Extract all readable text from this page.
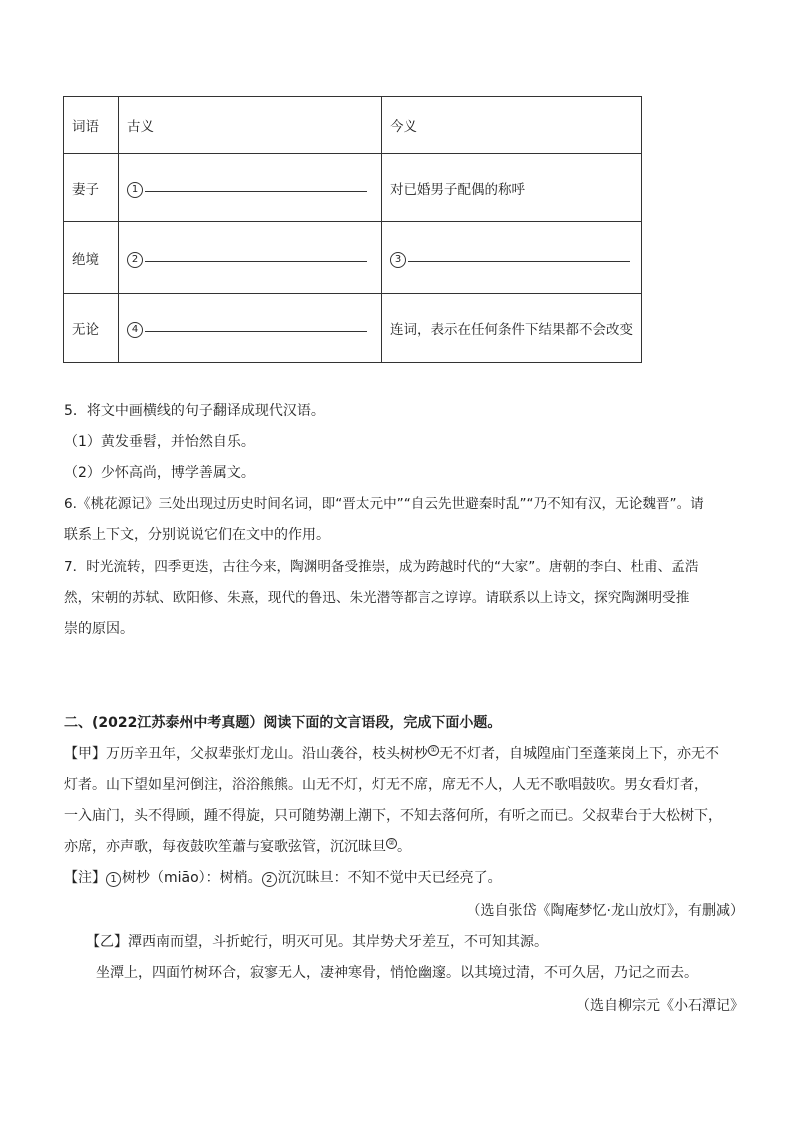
词语	古义	今义
妻子	1	对已婚男子配偶的称呼
绝境	2	3

无论	4	连词，表示在任何条件下结果都不会改变
5．将文中画横线的句子翻译成现代汉语。
（1）黄发垂髫，并怡然自乐。
（2）少怀高尚，博学善属文。
6.《桃花源记》三处出现过历史时间名词，即“晋太元中”“自云先世避秦时乱”“乃不知有汉，无论魏晋”。请
联系上下文，分别说说它们在文中的作用。
7．时光流转，四季更迭，古往今来，陶渊明备受推崇，成为跨越时代的“大家”。唐朝的李白、杜甫、孟浩
然，宋朝的苏轼、欧阳修、朱熹，现代的鲁迅、朱光潜等都言之谆谆。请联系以上诗文，探究陶渊明受推
崇的原因。
二、(2022江苏泰州中考真题）阅读下面的文言语段，完成下面小题。
【甲】万历辛丑年，父叔辈张灯龙山。沿山袭谷，枝头树杪 ① 无不灯者，自城隍庙门至蓬莱岗上下，亦无不
灯者。山下望如星河倒注，浴浴熊熊。山无不灯，灯无不席，席无不人，人无不歌唱鼓吹。男女看灯者，
一入庙门，头不得顾，踵不得旋，只可随势潮上潮下，不知去落何所，有听之而已。父叔辈台于大松树下，
亦席，亦声歌，每夜鼓吹笙蕭与宴歌弦管，沉沉昧旦 ② 。
【注】 1 树杪（miāo）：树梢。 2 沉沉昧旦：不知不觉中天已经亮了。
（选自张岱《陶庵梦忆·龙山放灯》，有删减）
【乙】潭西南而望，斗折蛇行，明灭可见。其岸势犬牙差互，不可知其源。
坐潭上，四面竹树环合，寂寥无人，凄神寒骨，悄怆幽邃。以其境过清，不可久居，乃记之而去。
（选自柳宗元《小石潭记》
